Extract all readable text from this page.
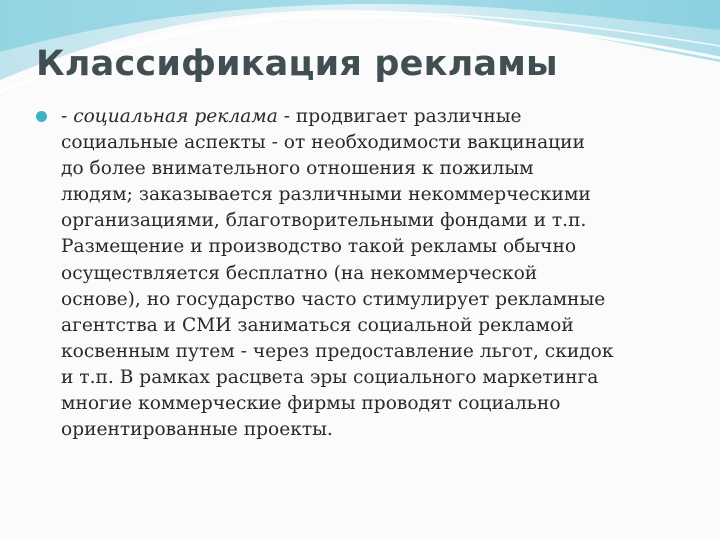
Классификация рекламы

- социальная реклама - продвигает различные
социальные аспекты - от необходимости вакцинации
до более внимательного отношения к пожилым
людям; заказывается различными некоммерческими
организациями, благотворительными фондами и т.п.
Размещение и производство такой рекламы обычно
осуществляется бесплатно (на некоммерческой
основе), но государство часто стимулирует рекламные
агентства и СМИ заниматься социальной рекламой
косвенным путем - через предоставление льгот, скидок
и т.п. В рамках расцвета эры социального маркетинга
многие коммерческие фирмы проводят социально
ориентированные проекты.
